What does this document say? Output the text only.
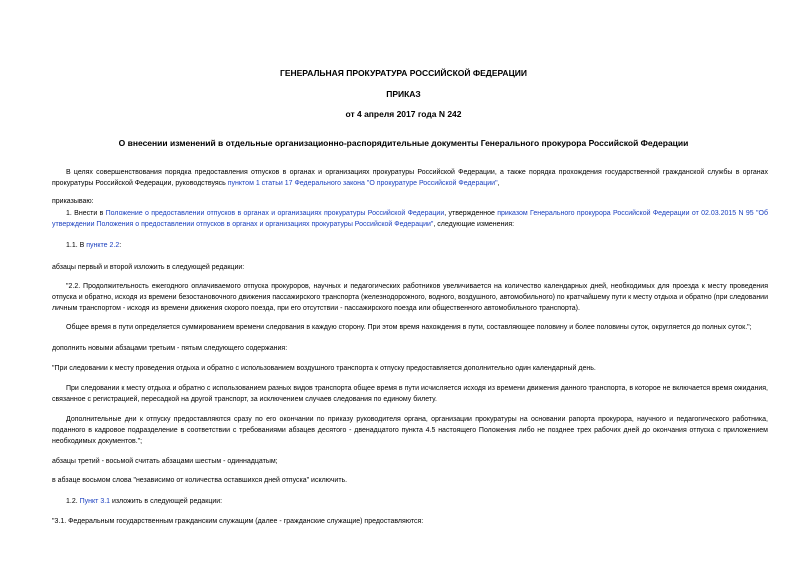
ГЕНЕРАЛЬНАЯ ПРОКУРАТУРА РОССИЙСКОЙ ФЕДЕРАЦИИ
ПРИКАЗ
от 4 апреля 2017 года N 242
О внесении изменений в отдельные организационно-распорядительные документы Генерального прокурора Российской Федерации
В целях совершенствования порядка предоставления отпусков в органах и организациях прокуратуры Российской Федерации, а также порядка прохождения государственной гражданской службы в органах прокуратуры Российской Федерации, руководствуясь пунктом 1 статьи 17 Федерального закона "О прокуратуре Российской Федерации",
приказываю:
1. Внести в Положение о предоставлении отпусков в органах и организациях прокуратуры Российской Федерации, утвержденное приказом Генерального прокурора Российской Федерации от 02.03.2015 N 95 "Об утверждении Положения о предоставлении отпусков в органах и организациях прокуратуры Российской Федерации", следующие изменения:
1.1. В пункте 2.2:
абзацы первый и второй изложить в следующей редакции:
"2.2. Продолжительность ежегодного оплачиваемого отпуска прокуроров, научных и педагогических работников увеличивается на количество календарных дней, необходимых для проезда к месту проведения отпуска и обратно, исходя из времени безостановочного движения пассажирского транспорта (железнодорожного, водного, воздушного, автомобильного) по кратчайшему пути к месту отдыха и обратно (при следовании личным транспортом - исходя из времени движения скорого поезда, при его отсутствии - пассажирского поезда или общественного автомобильного транспорта).
Общее время в пути определяется суммированием времени следования в каждую сторону. При этом время нахождения в пути, составляющее половину и более половины суток, округляется до полных суток.";
дополнить новыми абзацами третьим - пятым следующего содержания:
"При следовании к месту проведения отдыха и обратно с использованием воздушного транспорта к отпуску предоставляется дополнительно один календарный день.
При следовании к месту отдыха и обратно с использованием разных видов транспорта общее время в пути исчисляется исходя из времени движения данного транспорта, в которое не включается время ожидания, связанное с регистрацией, пересадкой на другой транспорт, за исключением случаев следования по единому билету.
Дополнительные дни к отпуску предоставляются сразу по его окончании по приказу руководителя органа, организации прокуратуры на основании рапорта прокурора, научного и педагогического работника, поданного в кадровое подразделение в соответствии с требованиями абзацев десятого - двенадцатого пункта 4.5 настоящего Положения либо не позднее трех рабочих дней до окончания отпуска с приложением необходимых документов.";
абзацы третий - восьмой считать абзацами шестым - одиннадцатым;
в абзаце восьмом слова "независимо от количества оставшихся дней отпуска" исключить.
1.2. Пункт 3.1 изложить в следующей редакции:
"3.1. Федеральным государственным гражданским служащим (далее - гражданские служащие) предоставляются:
